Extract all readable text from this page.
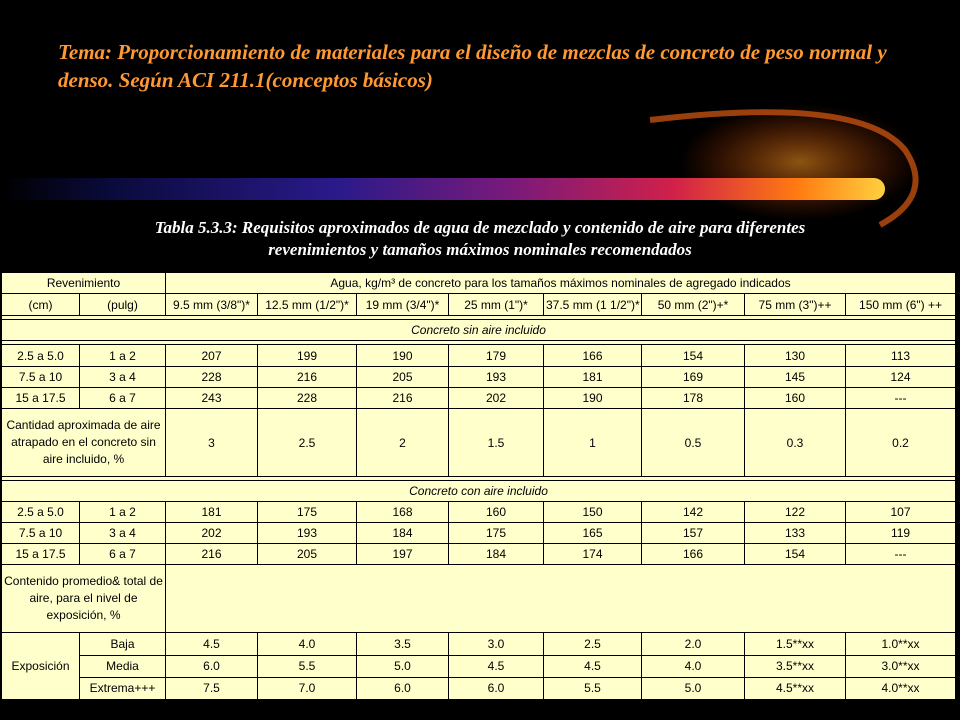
Tema: Proporcionamiento de materiales para el diseño de mezclas de concreto de peso normal y denso. Según ACI 211.1(conceptos básicos)

Tabla 5.3.3: Requisitos aproximados de agua de mezclado y contenido de aire para diferentes
revenimientos y tamaños máximos nominales recomendados

Revenimiento		Agua, kg/m³ de concreto para los tamaños máximos nominales de agregado indicados							
(cm)	(pulg)	9.5 mm (3/8")*	12.5 mm (1/2")*	19 mm (3/4")*	25 mm (1")*	37.5 mm (1 1/2")*	50 mm (2")+*	75 mm (3")++	150 mm (6") ++

Concreto sin aire incluido									

2.5 a 5.0	1 a 2	207	199	190	179	166	154	130	113
7.5 a 10	3 a 4	228	216	205	193	181	169	145	124
15 a 17.5	6 a 7	243	228	216	202	190	178	160	---
Cantidad aproximada de aire atrapado en el concreto sin aire incluido, %		3	2.5	2	1.5	1	0.5	0.3	0.2

Concreto con aire incluido									
2.5 a 5.0	1 a 2	181	175	168	160	150	142	122	107
7.5 a 10	3 a 4	202	193	184	175	165	157	133	119
15 a 17.5	6 a 7	216	205	197	184	174	166	154	---
Contenido promedio& total de aire, para el nivel de exposición, %									
Exposición	Baja	4.5	4.0	3.5	3.0	2.5	2.0	1.5**xx	1.0**xx
	Media	6.0	5.5	5.0	4.5	4.5	4.0	3.5**xx	3.0**xx
	Extrema+++	7.5	7.0	6.0	6.0	5.5	5.0	4.5**xx	4.0**xx
